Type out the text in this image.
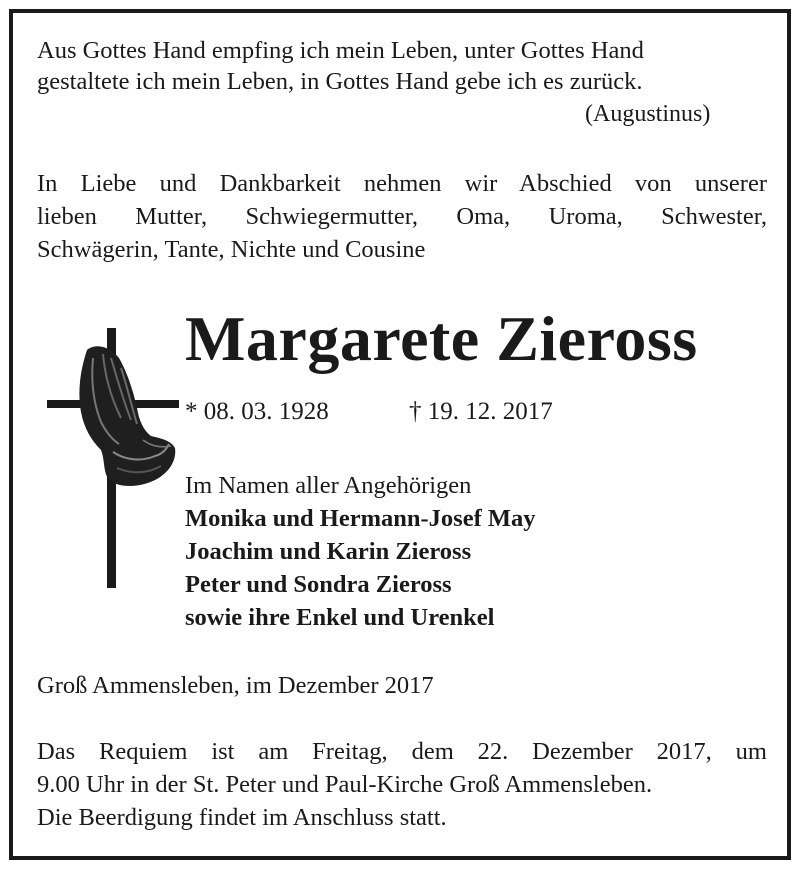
Aus Gottes Hand empfing ich mein Leben, unter Gottes Hand
gestaltete ich mein Leben, in Gottes Hand gebe ich es zurück.
(Augustinus)
In Liebe und Dankbarkeit nehmen wir Abschied von unserer
lieben Mutter, Schwiegermutter, Oma, Uroma, Schwester,
Schwägerin, Tante, Nichte und Cousine
Margarete Zieross
* 08. 03. 1928	† 19. 12. 2017
Im Namen aller Angehörigen
Monika und Hermann-Josef May
Joachim und Karin Zieross
Peter und Sondra Zieross
sowie ihre Enkel und Urenkel
Groß Ammensleben, im Dezember 2017
Das Requiem ist am Freitag, dem 22. Dezember 2017, um
9.00 Uhr in der St. Peter und Paul-Kirche Groß Ammensleben.
Die Beerdigung findet im Anschluss statt.
